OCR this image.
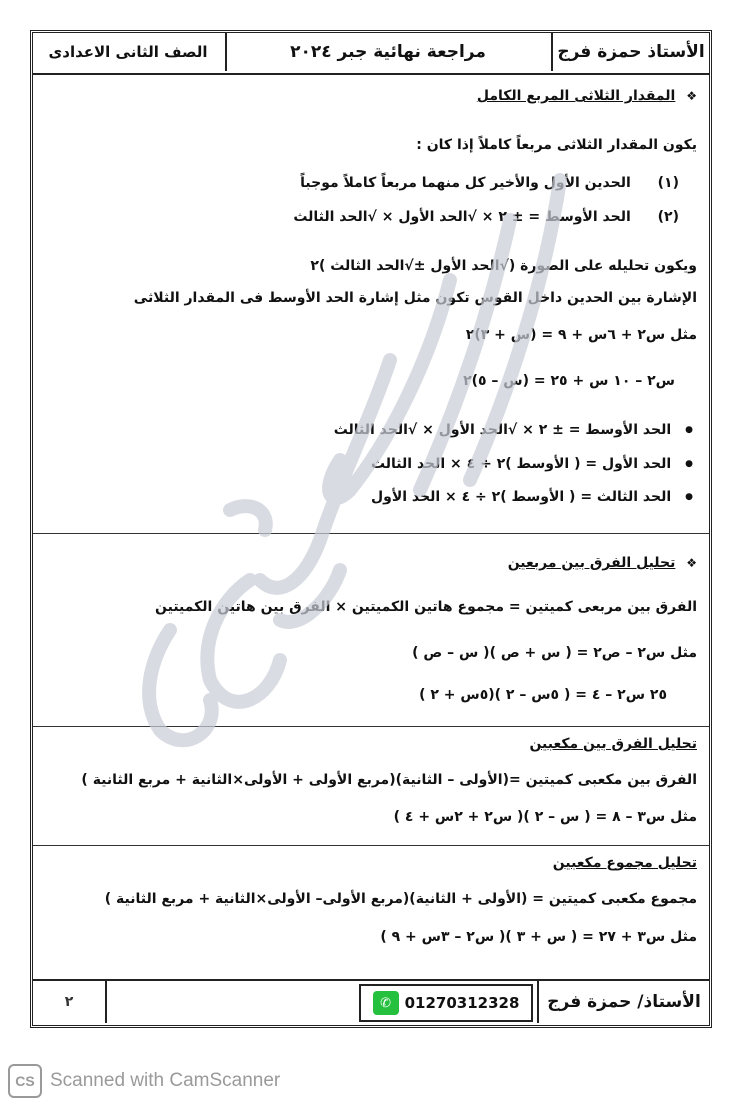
الأستاذ حمزة فرج
مراجعة نهائية جبر ٢٠٢٤
الصف الثانى الاعدادى
❖ المقدار الثلاثى المربع الكامل
يكون المقدار الثلاثى مربعاً كاملاً إذا كان :
(١) الحدين الأول والأخير كل منهما مربعاً كاملاً موجباً
(٢) الحد الأوسط = ± ٢ × √الحد الأول × √الحد الثالث
ويكون تحليله على الصورة (√الحد الأول ±√الحد الثالث )٢
الإشارة بين الحدين داخل القوس تكون مثل إشارة الحد الأوسط فى المقدار الثلاثى
مثل س٢ + ٦س + ٩ = (س + ٣)٢
س٢ – ١٠ س + ٢٥ = (س – ٥)٢
● الحد الأوسط = ± ٢ × √الحد الأول × √الحد الثالث
● الحد الأول = ( الأوسط )٢ ÷ ٤ × الحد الثالث
● الحد الثالث = ( الأوسط )٢ ÷ ٤ × الحد الأول
❖ تحليل الفرق بين مربعين
الفرق بين مربعى كميتين = مجموع هاتين الكميتين × الفرق بين هاتين الكميتين
مثل س٢ – ص٢ = ( س + ص )( س – ص )
٢٥ س٢ – ٤ = ( ٥س – ٢ )(٥س + ٢ )
تحليل الفرق بين مكعبين
الفرق بين مكعبى كميتين =(الأولى – الثانية)(مربع الأولى + الأولى×الثانية + مربع الثانية )
مثل س٣ – ٨ = ( س – ٢ )( س٢ + ٢س + ٤ )
تحليل مجموع مكعبين
مجموع مكعبى كميتين = (الأولى + الثانية)(مربع الأولى– الأولى×الثانية + مربع الثانية )
مثل س٣ + ٢٧ = ( س + ٣ )( س٢ – ٣س + ٩ )
الأستاذ/ حمزة فرج
✆ 01270312328
٢
CS Scanned with CamScanner
